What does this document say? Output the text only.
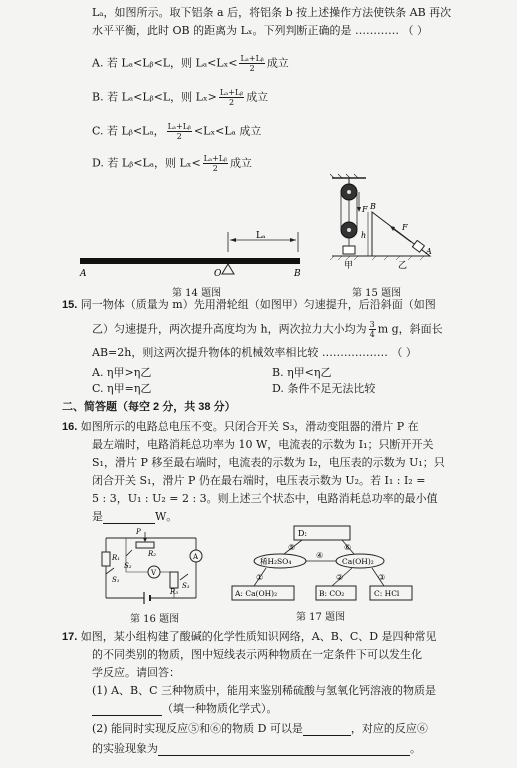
Lₐ，如图所示。取下铝条 a 后，将铝条 b 按上述操作方法使铁条 AB 再次
水平平衡，此时 OB 的距离为 Lₓ。下列判断正确的是 ………… （ ）
A. 若 Lₐ<Lᵦ<L，则 $L_a<L_x< \frac{\text{Lₐ+Lᵦ}}{2}$ 成立
B. 若 Lₐ<Lᵦ<L，则 $L_x> \frac{\text{Lₐ+Lᵦ}}{2}$ 成立
C. 若 Lᵦ<Lₐ， $\frac{\text{Lₐ+Lᵦ}}{2} <L_x<L_a$ 成立
D. 若 Lᵦ<Lₐ，则 $L_x< \frac{\text{Lₐ+Lᵦ}}{2}$ 成立
Lₐ
A	O	B
第 14 题图
F
h
B
A
F
甲	乙
第 15 题图
15. 同一物体（质量为 m）先用滑轮组（如图甲）匀速提升，后沿斜面（如图
乙）匀速提升，两次提升高度均为 h，两次拉力大小均为 $\frac{3}{4}$ m g，斜面长
AB=2h，则这两次提升物体的机械效率相比较 ……………… （ ）
A. η甲>η乙	B. η甲<η乙
C. η甲=η乙	D. 条件不足无法比较
二、简答题（每空 2 分，共 38 分）
16. 如图所示的电路总电压不变。只闭合开关 S₃，滑动变阻器的滑片 P 在
最左端时，电路消耗总功率为 10 W，电流表的示数为 I₁；只断开开关
S₁，滑片 P 移至最右端时，电流表的示数为 I₂，电压表的示数为 U₁；只
闭合开关 S₁，滑片 P 仍在最右端时，电压表示数为 U₂。若 I₁ : I₂ =
5 : 3，U₁ : U₂ = 2 : 3。则上述三个状态中，电路消耗总功率的最小值
是	W。
P
R₂
R₁
S₁
S₂
V
R₃
S₃
A
第 16 题图
D:
⑤	⑥
稀H₂SO₄
④
Ca(OH)₂
①	②	③
A: Ca(OH)₂	B: CO₂	C: HCl
第 17 题图
17. 如图，某小组构建了酸碱的化学性质知识网络，A、B、C、D 是四种常见
的不同类别的物质，图中短线表示两种物质在一定条件下可以发生化
学反应。请回答：
(1) A、B、C 三种物质中，能用来鉴别稀硫酸与氢氧化钙溶液的物质是
（填一种物质化学式）。
(2) 能同时实现反应⑤和⑥的物质 D 可以是	，对应的反应⑥
的实验现象为	。
